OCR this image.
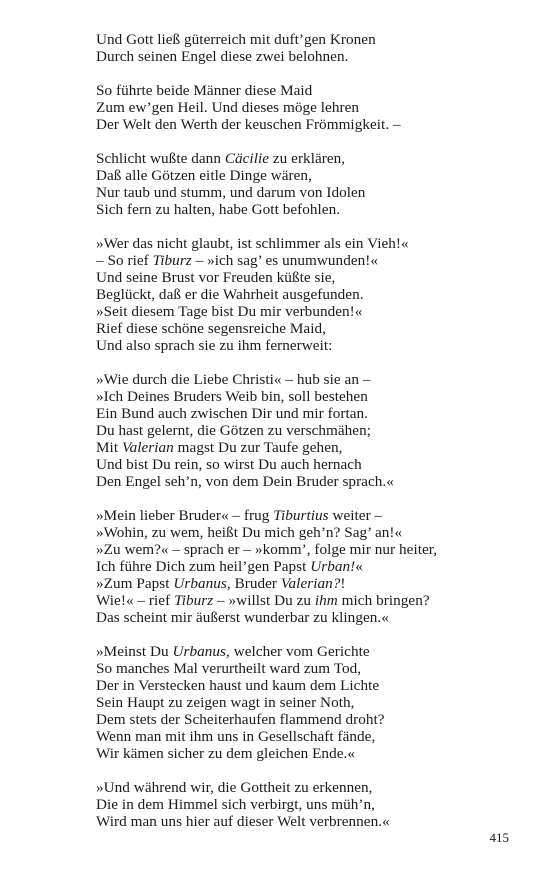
Und Gott ließ güterreich mit duft’gen Kronen
Durch seinen Engel diese zwei belohnen.
So führte beide Männer diese Maid
Zum ew’gen Heil. Und dieses möge lehren
Der Welt den Werth der keuschen Frömmigkeit. –
Schlicht wußte dann Cäcilie zu erklären,
Daß alle Götzen eitle Dinge wären,
Nur taub und stumm, und darum von Idolen
Sich fern zu halten, habe Gott befohlen.
»Wer das nicht glaubt, ist schlimmer als ein Vieh!«
– So rief Tiburz – »ich sag’ es unumwunden!«
Und seine Brust vor Freuden küßte sie,
Beglückt, daß er die Wahrheit ausgefunden.
»Seit diesem Tage bist Du mir verbunden!«
Rief diese schöne segensreiche Maid,
Und also sprach sie zu ihm fernerweit:
»Wie durch die Liebe Christi« – hub sie an –
»Ich Deines Bruders Weib bin, soll bestehen
Ein Bund auch zwischen Dir und mir fortan.
Du hast gelernt, die Götzen zu verschmähen;
Mit Valerian magst Du zur Taufe gehen,
Und bist Du rein, so wirst Du auch hernach
Den Engel seh’n, von dem Dein Bruder sprach.«
»Mein lieber Bruder« – frug Tiburtius weiter –
»Wohin, zu wem, heißt Du mich geh’n? Sag’ an!«
»Zu wem?« – sprach er – »komm’, folge mir nur heiter,
Ich führe Dich zum heil’gen Papst Urban!«
»Zum Papst Urbanus, Bruder Valerian?!
Wie!« – rief Tiburz – »willst Du zu ihm mich bringen?
Das scheint mir äußerst wunderbar zu klingen.«
»Meinst Du Urbanus, welcher vom Gerichte
So manches Mal verurtheilt ward zum Tod,
Der in Verstecken haust und kaum dem Lichte
Sein Haupt zu zeigen wagt in seiner Noth,
Dem stets der Scheiterhaufen flammend droht?
Wenn man mit ihm uns in Gesellschaft fände,
Wir kämen sicher zu dem gleichen Ende.«
»Und während wir, die Gottheit zu erkennen,
Die in dem Himmel sich verbirgt, uns müh’n,
Wird man uns hier auf dieser Welt verbrennen.«
415
